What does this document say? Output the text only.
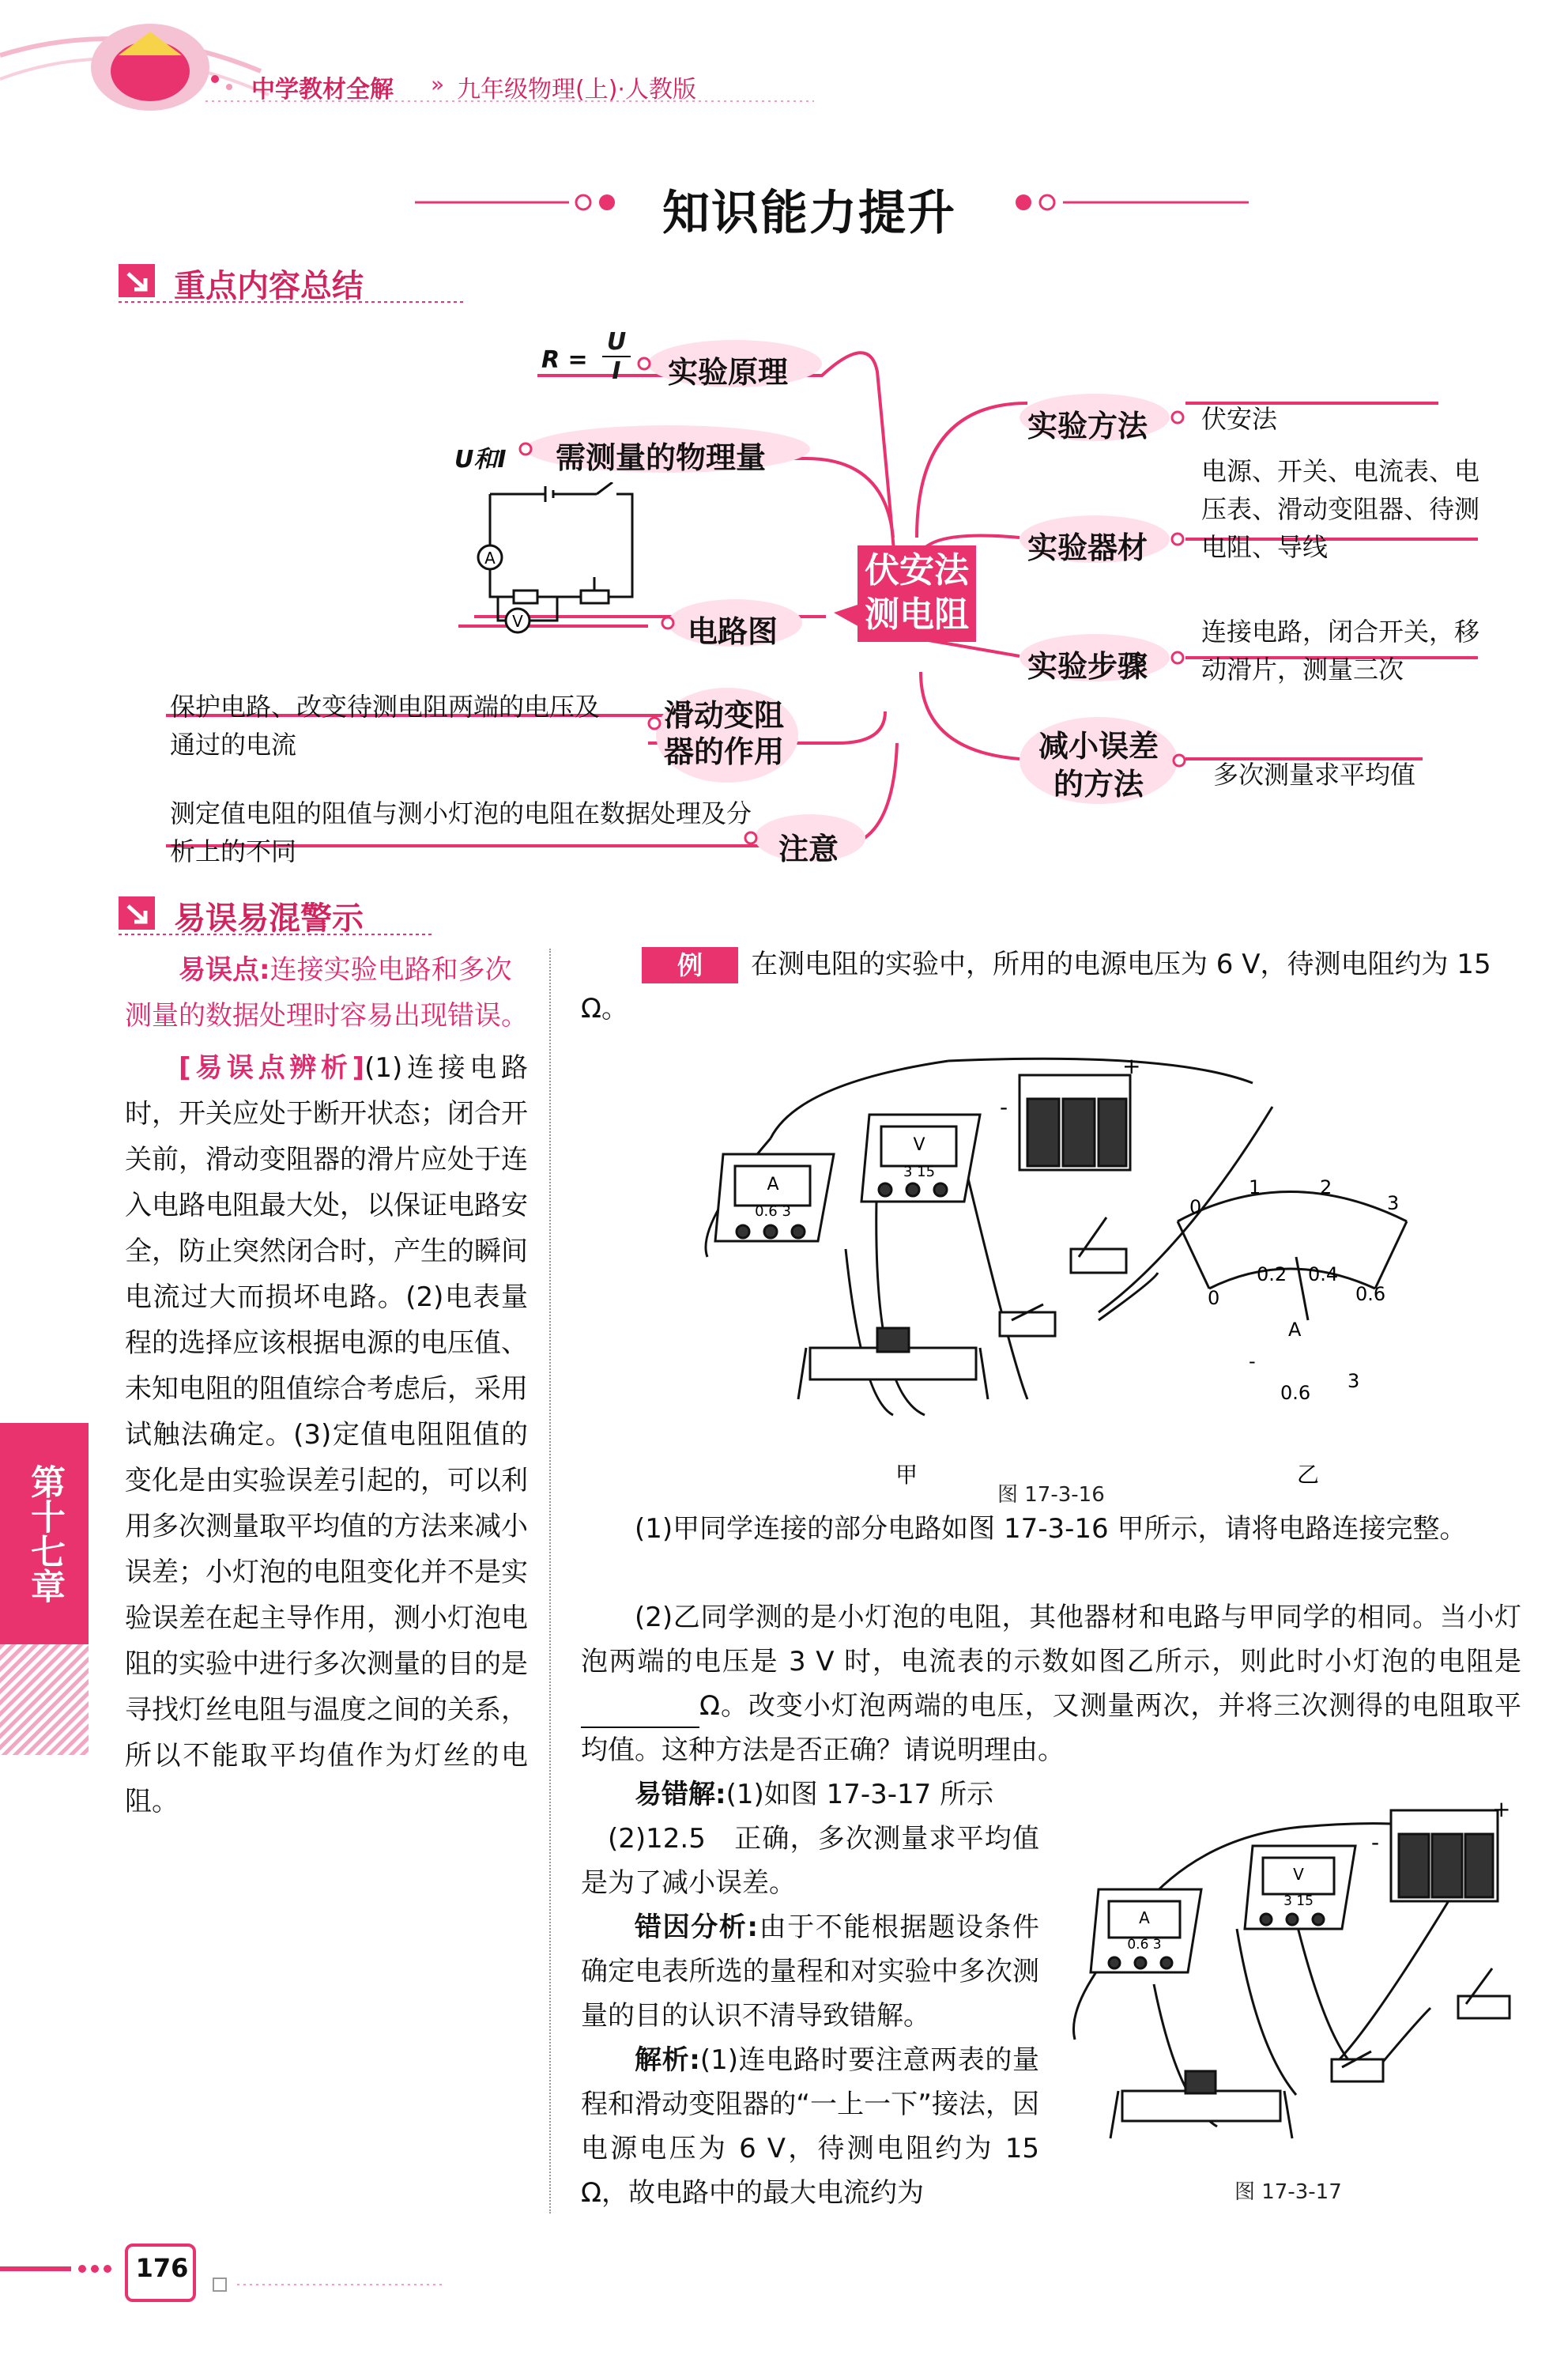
中学教材全解 » 九年级物理(上)·人教版
知识能力提升
重点内容总结
伏安法
测电阻
实验原理
$R = \frac{U}{I}$
需测量的物理量
U和I
A
V	电路图
滑动变阻器的作用
保护电路、改变待测电阻两端的电压及通过的电流
注意
测定值电阻的阻值与测小灯泡的电阻在数据处理及分析上的不同
实验方法 伏安法
实验器材
电源、开关、电流表、电压表、滑动变阻器、待测电阻、导线
实验步骤
连接电路，闭合开关，移动滑片，测量三次
减小误差的方法	多次测量求平均值
易误易混警示
易误点:连接实验电路和多次测量的数据处理时容易出现错误。
[易误点辨析](1)连接电路时，开关应处于断开状态；闭合开关前，滑动变阻器的滑片应处于连入电路电阻最大处，以保证电路安全，防止突然闭合时，产生的瞬间电流过大而损坏电路。(2)电表量程的选择应该根据电源的电压值、未知电阻的阻值综合考虑后，采用试触法确定。(3)定值电阻阻值的变化是由实验误差引起的，可以利用多次测量取平均值的方法来减小误差；小灯泡的电阻变化并不是实验误差在起主导作用，测小灯泡电阻的实验中进行多次测量的目的是寻找灯丝电阻与温度之间的关系，所以不能取平均值作为灯丝的电阻。
第十七章
例	在测电阻的实验中，所用的电源电压为 6 V，待测电阻约为 15 Ω。
-
+
V
3 15
A
0.6 3	0
1	2
3
0
0.2 0.4
0.6
A
-
0.6
3
甲	乙
图 17-3-16
(1)甲同学连接的部分电路如图 17-3-16 甲所示，请将电路连接完整。
(2)乙同学测的是小灯泡的电阻，其他器材和电路与甲同学的相同。当小灯泡两端的电压是 3 V 时，电流表的示数如图乙所示，则此时小灯泡的电阻是Ω。改变小灯泡两端的电压，又测量两次，并将三次测得的电阻取平均值。这种方法是否正确？请说明理由。
易错解:(1)如图 17-3-17 所示
(2)12.5　正确，多次测量求平均值是为了减小误差。
错因分析:由于不能根据题设条件确定电表所选的量程和对实验中多次测量的目的认识不清导致错解。
解析:(1)连电路时要注意两表的量程和滑动变阻器的“一上一下”接法，因电源电压为 6 V，待测电阻约为 15 Ω，故电路中的最大电流约为
-
+
V
3 15
A
0.6 3
图 17-3-17
176
